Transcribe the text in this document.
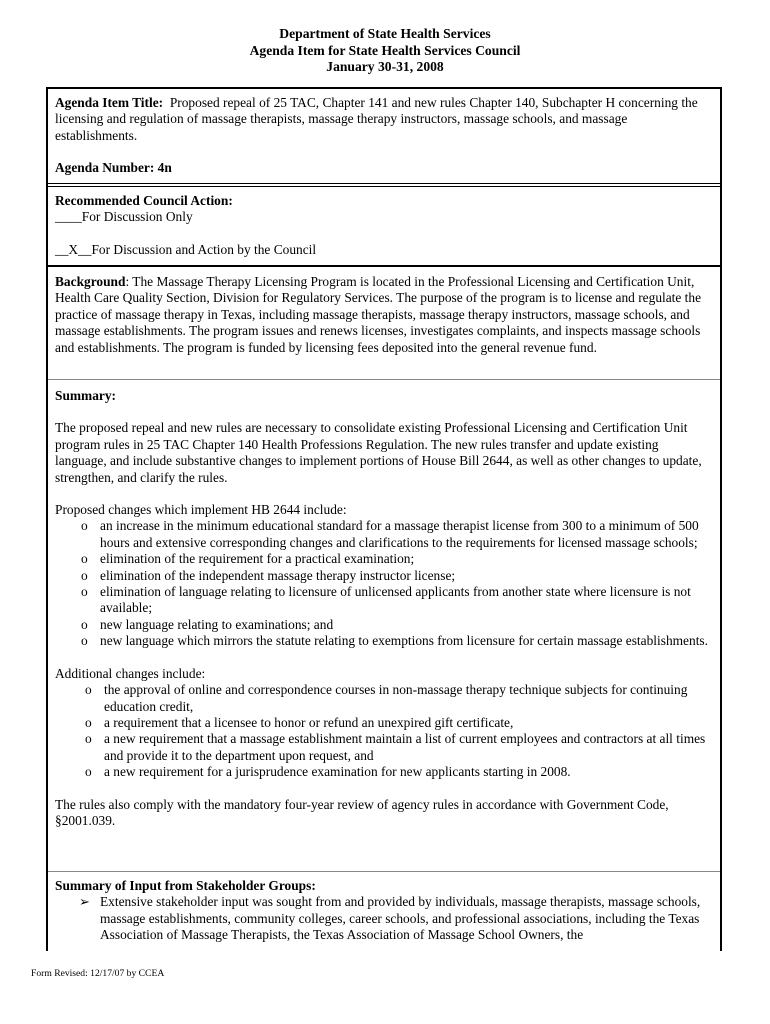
Department of State Health Services
Agenda Item for State Health Services Council
January 30-31, 2008

Agenda Item Title: Proposed repeal of 25 TAC, Chapter 141 and new rules Chapter 140, Subchapter H concerning the licensing and regulation of massage therapists, massage therapy instructors, massage schools, and massage establishments.

Agenda Number: 4n

Recommended Council Action:

____For Discussion Only

__X__For Discussion and Action by the Council

Background: The Massage Therapy Licensing Program is located in the Professional Licensing and Certification Unit, Health Care Quality Section, Division for Regulatory Services. The purpose of the program is to license and regulate the practice of massage therapy in Texas, including massage therapists, massage therapy instructors, massage schools, and massage establishments. The program issues and renews licenses, investigates complaints, and inspects massage schools and establishments. The program is funded by licensing fees deposited into the general revenue fund.

Summary:

The proposed repeal and new rules are necessary to consolidate existing Professional Licensing and Certification Unit program rules in 25 TAC Chapter 140 Health Professions Regulation. The new rules transfer and update existing language, and include substantive changes to implement portions of House Bill 2644, as well as other changes to update, strengthen, and clarify the rules.

Proposed changes which implement HB 2644 include:

o an increase in the minimum educational standard for a massage therapist license from 300 to a minimum of 500 hours and extensive corresponding changes and clarifications to the requirements for licensed massage schools;
o elimination of the requirement for a practical examination;
o elimination of the independent massage therapy instructor license;
o elimination of language relating to licensure of unlicensed applicants from another state where licensure is not available;
o new language relating to examinations; and
o new language which mirrors the statute relating to exemptions from licensure for certain massage establishments.

Additional changes include:

o the approval of online and correspondence courses in non-massage therapy technique subjects for continuing education credit,
o a requirement that a licensee to honor or refund an unexpired gift certificate,
o a new requirement that a massage establishment maintain a list of current employees and contractors at all times and provide it to the department upon request, and
o a new requirement for a jurisprudence examination for new applicants starting in 2008.

The rules also comply with the mandatory four-year review of agency rules in accordance with Government Code, §2001.039.

Summary of Input from Stakeholder Groups:

➢ Extensive stakeholder input was sought from and provided by individuals, massage therapists, massage schools, massage establishments, community colleges, career schools, and professional associations, including the Texas Association of Massage Therapists, the Texas Association of Massage School Owners, the
Form Revised: 12/17/07 by CCEA
